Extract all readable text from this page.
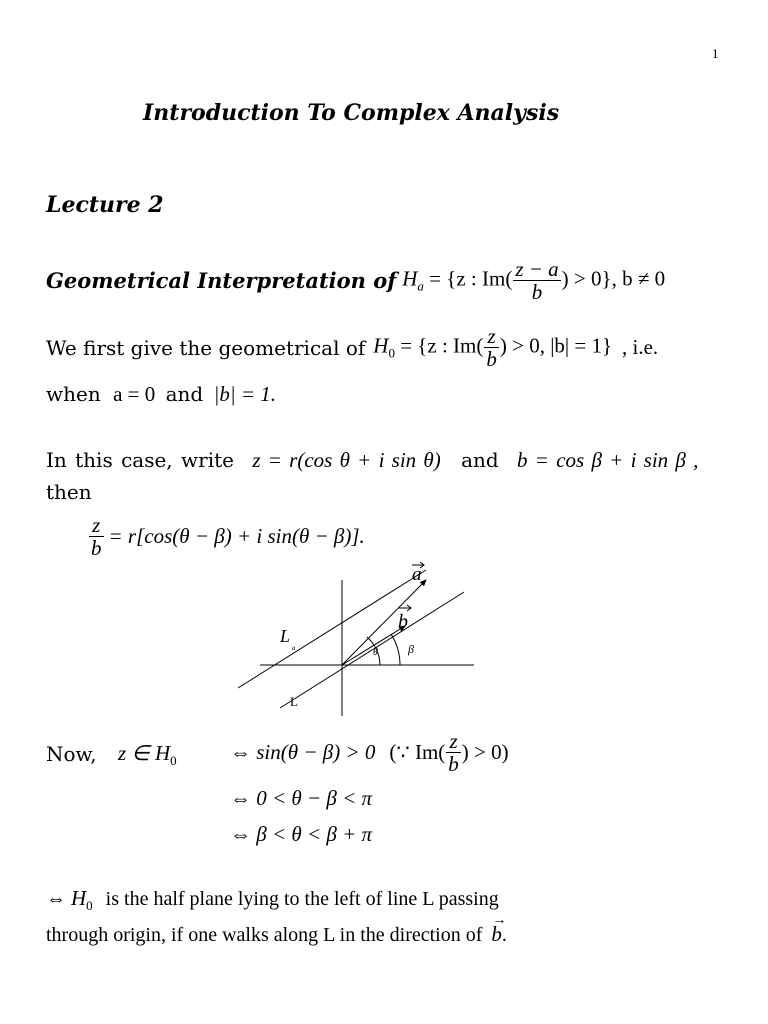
1
Introduction To Complex Analysis
Lecture 2
Geometrical Interpretation of $H_a = \{z$ : $Im( \frac{z - a}{b}$ ) > 0}, b ≠ 0
We first give the geometrical of $H_0 = \{z$ : $Im( \frac{z}{b}$ ) > 0, |b| = 1} , i.e.
when a = 0 and |b| = 1.
In this case, write z = r(cos θ + i sin θ) and b = cos β + i sin β ,
then
$\frac{z}{b} = r[\cos(\theta - \beta) + i$ sin(θ − β)].
a
b
L
a
L
θ	β
Now, z ∈ $H_0$	⇔ sin(θ − β) > 0 (∵ $Im( \frac{z}{b}$ ) > 0)
⇔ 0 < θ − β < π
⇔ β < θ < β + π
⇔ $H_0$ is the half plane lying to the left of line L passing
through origin, if one walks along L in the direction of b
→
.
